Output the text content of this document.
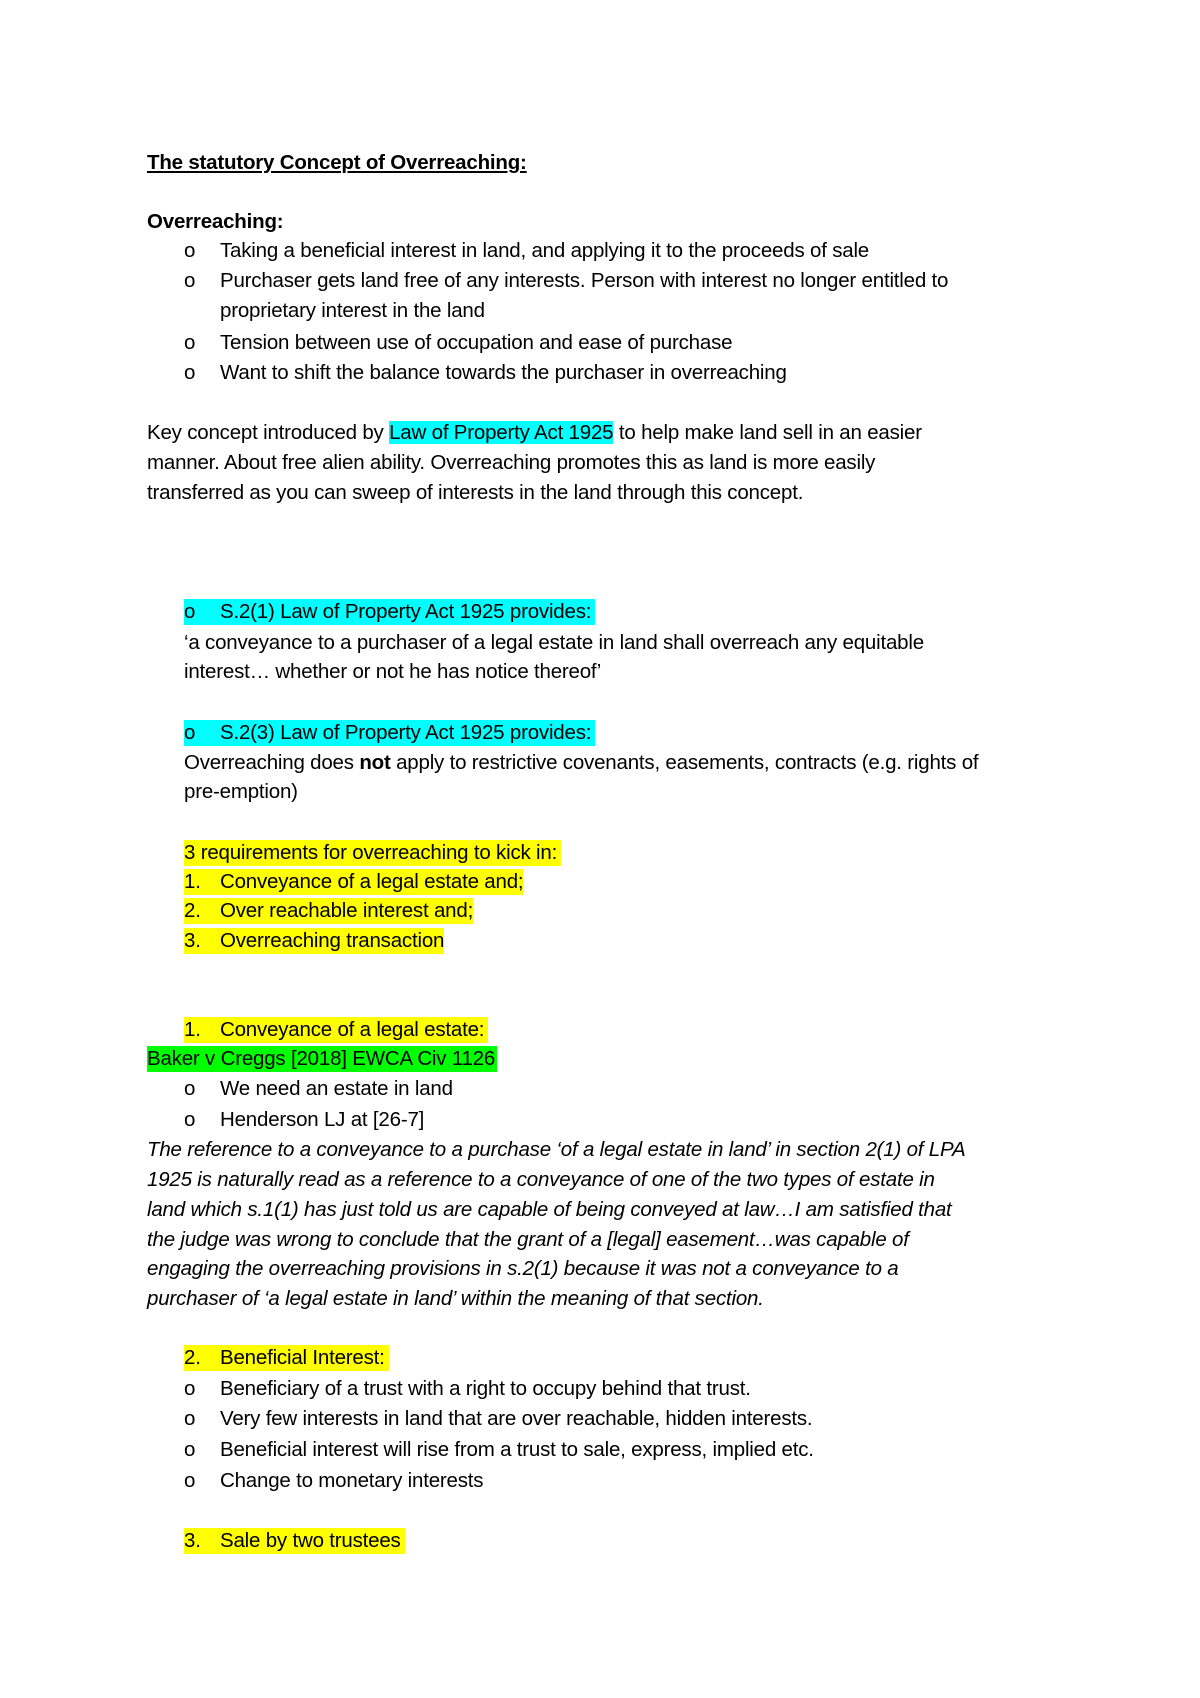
The statutory Concept of Overreaching:
Overreaching:
o	Taking a beneficial interest in land, and applying it to the proceeds of sale
o	Purchaser gets land free of any interests. Person with interest no longer entitled to
proprietary interest in the land
o	Tension between use of occupation and ease of purchase
o	Want to shift the balance towards the purchaser in overreaching
Key concept introduced by Law of Property Act 1925 to help make land sell in an easier
manner. About free alien ability. Overreaching promotes this as land is more easily
transferred as you can sweep of interests in the land through this concept.
o S.2(1) Law of Property Act 1925 provides:
‘a conveyance to a purchaser of a legal estate in land shall overreach any equitable
interest… whether or not he has notice thereof’
o S.2(3) Law of Property Act 1925 provides:
Overreaching does not apply to restrictive covenants, easements, contracts (e.g. rights of
pre-emption)
3 requirements for overreaching to kick in:
1. Conveyance of a legal estate and;
2. Over reachable interest and;
3. Overreaching transaction
1. Conveyance of a legal estate:
Baker v Creggs [2018] EWCA Civ 1126
o	We need an estate in land
o	Henderson LJ at [26-7]
The reference to a conveyance to a purchase ‘of a legal estate in land’ in section 2(1) of LPA
1925 is naturally read as a reference to a conveyance of one of the two types of estate in
land which s.1(1) has just told us are capable of being conveyed at law…I am satisfied that
the judge was wrong to conclude that the grant of a [legal] easement…was capable of
engaging the overreaching provisions in s.2(1) because it was not a conveyance to a
purchaser of ‘a legal estate in land’ within the meaning of that section.
2. Beneficial Interest:
o	Beneficiary of a trust with a right to occupy behind that trust.
o	Very few interests in land that are over reachable, hidden interests.
o	Beneficial interest will rise from a trust to sale, express, implied etc.
o	Change to monetary interests
3. Sale by two trustees
